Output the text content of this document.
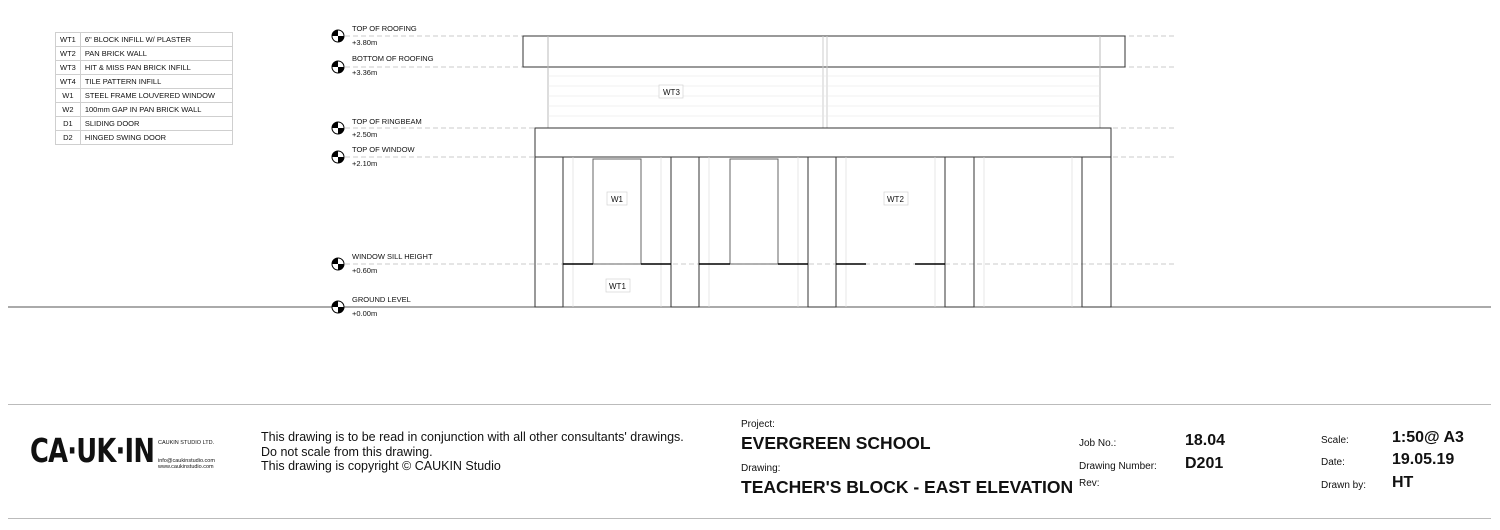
WT1	6" BLOCK INFILL W/ PLASTER
WT2	PAN BRICK WALL
WT3	HIT & MISS PAN BRICK INFILL
WT4	TILE PATTERN INFILL
W1	STEEL FRAME LOUVERED WINDOW
W2	100mm GAP IN PAN BRICK WALL
D1	SLIDING DOOR
D2	HINGED SWING DOOR
TOP OF ROOFING
+3.80m
BOTTOM OF ROOFING
+3.36m
TOP OF RINGBEAM
+2.50m
TOP OF WINDOW
+2.10m
WINDOW SILL HEIGHT
+0.60m
GROUND LEVEL
+0.00m
WT3
W1	WT2
WT1
CA·UK·IN CAUKIN STUDIO LTD.
info@caukinstudio.com
www.caukinstudio.com
This drawing is to be read in conjunction with all other consultants' drawings.
Do not scale from this drawing.
This drawing is copyright © CAUKIN Studio
Project:
EVERGREEN SCHOOL
Drawing:
TEACHER'S BLOCK - EAST ELEVATION
Job No.:	18.04
Drawing Number: D201
Rev:
Scale:	1:50@ A3
Date:	19.05.19
Drawn by: HT
